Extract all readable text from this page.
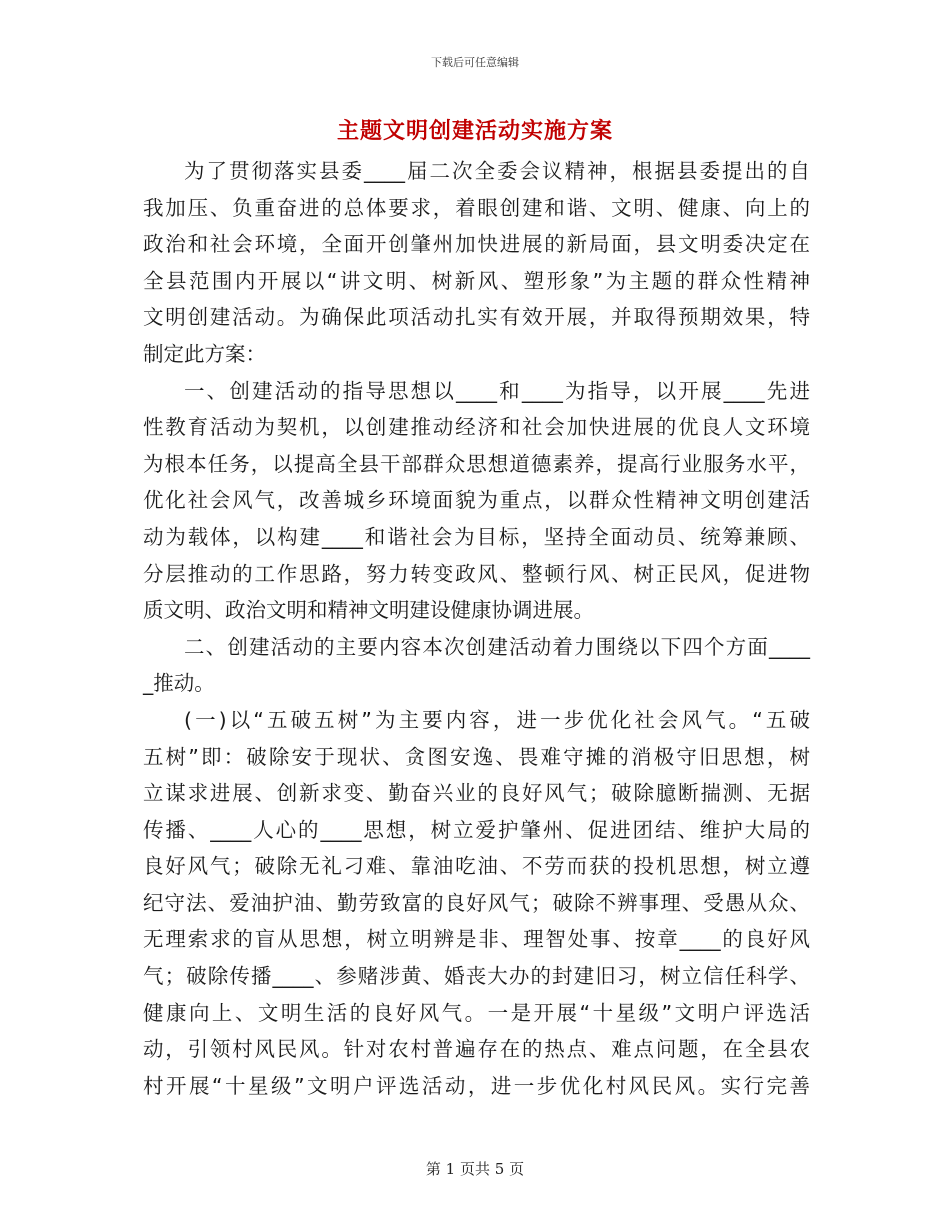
下载后可任意编辑
主题文明创建活动实施方案
为了贯彻落实县委____届二次全委会议精神，根据县委提出的自
我加压、负重奋进的总体要求，着眼创建和谐、文明、健康、向上的
政治和社会环境，全面开创肇州加快进展的新局面，县文明委决定在
全县范围内开展以“讲文明、树新风、塑形象”为主题的群众性精神
文明创建活动。为确保此项活动扎实有效开展，并取得预期效果，特
制定此方案：
一、创建活动的指导思想以____和____为指导，以开展____先进
性教育活动为契机，以创建推动经济和社会加快进展的优良人文环境
为根本任务，以提高全县干部群众思想道德素养，提高行业服务水平，
优化社会风气，改善城乡环境面貌为重点，以群众性精神文明创建活
动为载体，以构建____和谐社会为目标，坚持全面动员、统筹兼顾、
分层推动的工作思路，努力转变政风、整顿行风、树正民风，促进物
质文明、政治文明和精神文明建设健康协调进展。
二、创建活动的主要内容本次创建活动着力围绕以下四个方面____
_推动。
(一)以“五破五树”为主要内容，进一步优化社会风气。“五破
五树”即：破除安于现状、贪图安逸、畏难守摊的消极守旧思想，树
立谋求进展、创新求变、勤奋兴业的良好风气；破除臆断揣测、无据
传播、____人心的____思想，树立爱护肇州、促进团结、维护大局的
良好风气；破除无礼刁难、靠油吃油、不劳而获的投机思想，树立遵
纪守法、爱油护油、勤劳致富的良好风气；破除不辨事理、受愚从众、
无理索求的盲从思想，树立明辨是非、理智处事、按章____的良好风
气；破除传播____、参赌涉黄、婚丧大办的封建旧习，树立信任科学、
健康向上、文明生活的良好风气。一是开展“十星级”文明户评选活
动，引领村风民风。针对农村普遍存在的热点、难点问题，在全县农
村开展“十星级”文明户评选活动，进一步优化村风民风。实行完善
第 1 页共 5 页
